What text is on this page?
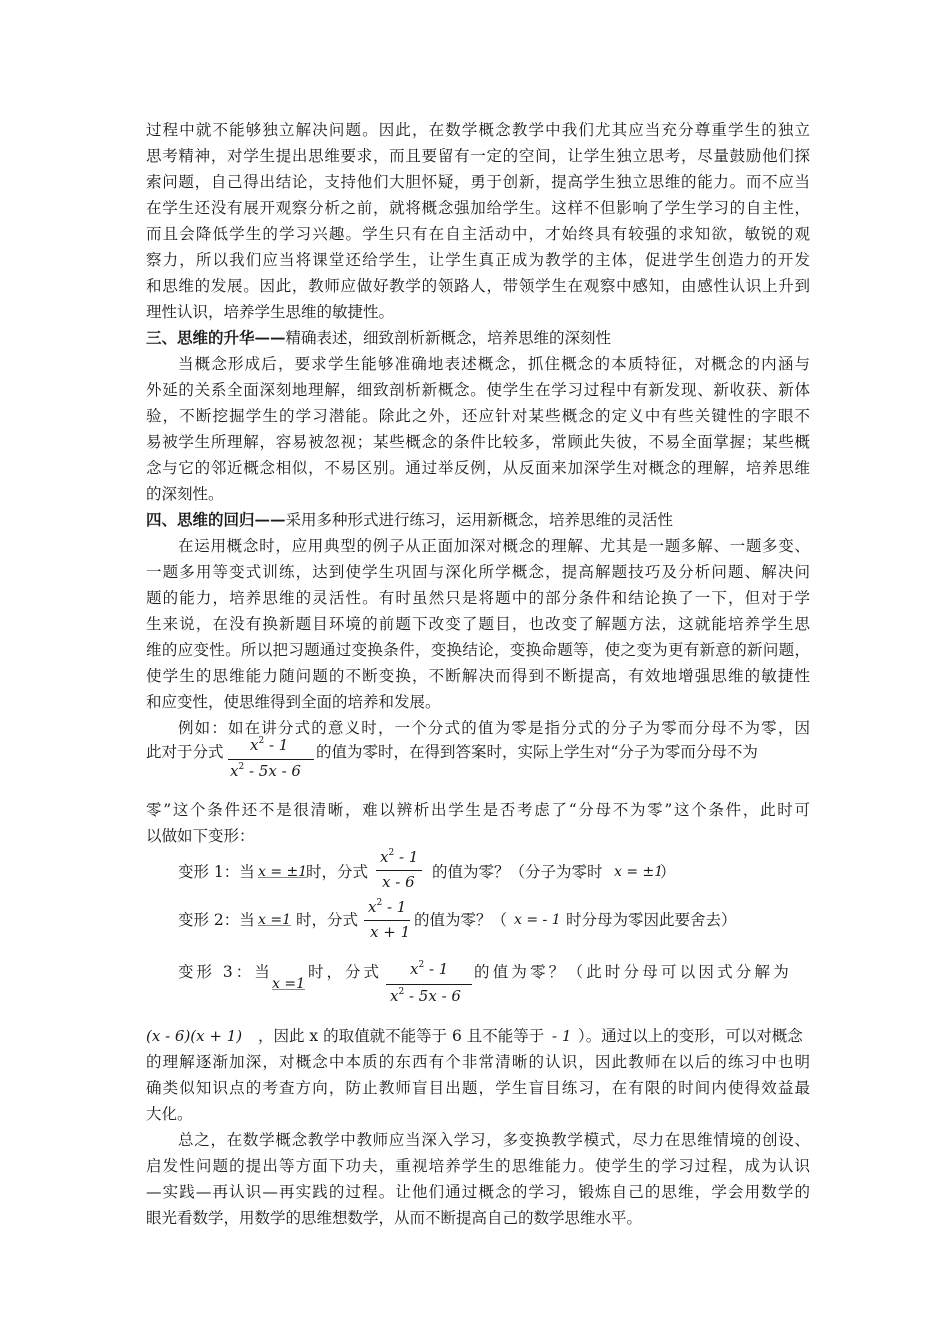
过程中就不能够独立解决问题。因此，在数学概念教学中我们尤其应当充分尊重学生的独立
思考精神，对学生提出思维要求，而且要留有一定的空间，让学生独立思考，尽量鼓励他们探
索问题，自己得出结论，支持他们大胆怀疑，勇于创新，提高学生独立思维的能力。而不应当
在学生还没有展开观察分析之前，就将概念强加给学生。这样不但影响了学生学习的自主性，
而且会降低学生的学习兴趣。学生只有在自主活动中，才始终具有较强的求知欲，敏锐的观
察力，所以我们应当将课堂还给学生，让学生真正成为教学的主体，促进学生创造力的开发
和思维的发展。因此，教师应做好教学的领路人，带领学生在观察中感知，由感性认识上升到
理性认识，培养学生思维的敏捷性。
三、思维的升华——精确表述，细致剖析新概念，培养思维的深刻性
当概念形成后，要求学生能够准确地表述概念，抓住概念的本质特征，对概念的内涵与
外延的关系全面深刻地理解，细致剖析新概念。使学生在学习过程中有新发现、新收获、新体
验，不断挖掘学生的学习潜能。除此之外，还应针对某些概念的定义中有些关键性的字眼不
易被学生所理解，容易被忽视；某些概念的条件比较多，常顾此失彼，不易全面掌握；某些概
念与它的邻近概念相似，不易区别。通过举反例，从反面来加深学生对概念的理解，培养思维
的深刻性。
四、思维的回归——采用多种形式进行练习，运用新概念，培养思维的灵活性
在运用概念时，应用典型的例子从正面加深对概念的理解、尤其是一题多解、一题多变、
一题多用等变式训练，达到使学生巩固与深化所学概念，提高解题技巧及分析问题、解决问
题的能力，培养思维的灵活性。有时虽然只是将题中的部分条件和结论换了一下，但对于学
生来说，在没有换新题目环境的前题下改变了题目，也改变了解题方法，这就能培养学生思
维的应变性。所以把习题通过变换条件，变换结论，变换命题等，使之变为更有新意的新问题，
使学生的思维能力随问题的不断变换，不断解决而得到不断提高，有效地增强思维的敏捷性
和应变性，使思维得到全面的培养和发展。
例如：如在讲分式的意义时，一个分式的值为零是指分式的分子为零而分母不为零，因
此对于分式 $x^2 - 1$
$x^2 - 5x - 6$
的值为零时，在得到答案时，实际上学生对“分子为零而分母不为
零”这个条件还不是很清晰，难以辨析出学生是否考虑了“分母不为零”这个条件，此时可
以做如下变形：
变形 1：当 x = ±1
时，分式
$x^2 - 1$
x - 6
的值为零？（分子为零时 x = ±1
）
变形 2：当 x =1 时，分式
$x^2 - 1$
x + 1
的值为零？（ x = - 1 时分母为零因此要舍去）
变形 3：当
x =1
时，分式 $x^2 - 1$
$x^2 - 5x - 6$
的值为零？（此时分母可以因式分解为
(x - 6)(x + 1) ，因此 x 的取值就不能等于 6 且不能等于 - 1 ）。通过以上的变形，可以对概念
的理解逐渐加深，对概念中本质的东西有个非常清晰的认识，因此教师在以后的练习中也明
确类似知识点的考查方向，防止教师盲目出题，学生盲目练习，在有限的时间内使得效益最
大化。
总之，在数学概念教学中教师应当深入学习，多变换教学模式，尽力在思维情境的创设、
启发性问题的提出等方面下功夫，重视培养学生的思维能力。使学生的学习过程，成为认识
—实践—再认识—再实践的过程。让他们通过概念的学习，锻炼自己的思维，学会用数学的
眼光看数学，用数学的思维想数学，从而不断提高自己的数学思维水平。
